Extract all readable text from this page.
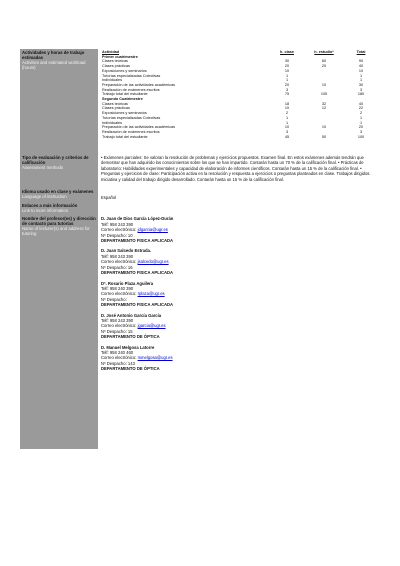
Actividades y horas de trabajo estimadas
Activities and estimated workload (hours)
Actividad	h. clase	h. estudio*	Total
Primer cuatrimestre			
Clases teóricas	30	60	90
Clases prácticas	20	20	40
Exposiciones y seminarios	10		10
Tutorías especializadas Colectivas	1		1
Individuales	1		1
Preparación de las actividades académicas	20	10	30
Realización de exámenes escritos	3		3
Trabajo total del estudiante	75	105	180
Segundo Cuatrimestre			
Clases teóricas	18	32	40
Clases prácticas	10	12	22
Exposiciones y seminarios	2		2
Tutorías especializadas Colectivas	1		1
Individuales	1		1
Preparación de las actividades académicas	10	10	20
Realización de exámenes escritos	3		3
Trabajo total del estudiante	45	50	100
Tipo de evaluación y criterios de calificación
Assessment methods
• Exámenes parciales: Se valoran la resolución de problemas y ejercicios propuestos. Examen final. En estos exámenes además tendrán que demostrar que han adquirido los conocimientos sobre los que se han impartido. Contarán hasta un 70 % de la calificación final. • Prácticas de laboratorio: Habilidades experimentales y capacidad de elaboración de informes científicos. Contarán hasta un 15 % de la calificación final. • Preguntas y ejercicios de clase: Participación activa en la resolución y respuesta a ejercicios o preguntas planteados en clase. Trabajos dirigidos. Iniciativa y calidad del trabajo dirigido desarrollado. Contarán hasta un 15 % de la calificación final.
Idioma usado en clase y exámenes
Language of instruction	Español
Enlaces a más información
Link to more information
Nombre del profesor(es) y dirección de contacto para tutorías
Name of lecturer(s) and address for tutoring
D. Juan de Dios García López-Durán
Telf: 958 243 390
Correo electrónico: jdgarcia@ugr.es
Nº Despacho: 10
DEPARTAMENTO FISICA APLICADA
D. Juan Salcedo Estrada.
Telf: 958 243 390
Correo electrónico: jsalcedo@ugr.es
Nº Despacho: 16
DEPARTAMENTO FISICA APLICADA
Dª. Rosario Plaza Aguilera
Telf: 958 240 390
Correo electrónico: rplaza@ugr.es
Nº Despacho:
DEPARTAMENTO FISICA APLICADA
D. José Antonio García García
Telf: 958 243 390
Correo electrónico: jgarcia@ugr.es
Nº Despacho: 15
DEPARTAMENTO DE ÓPTICA
D. Manuel Melgosa Latorre
Telf: 958 240 460
Correo electrónico: mmelgosa@ugr.es
Nº Despacho: 143
DEPARTAMENTO DE ÓPTICA
